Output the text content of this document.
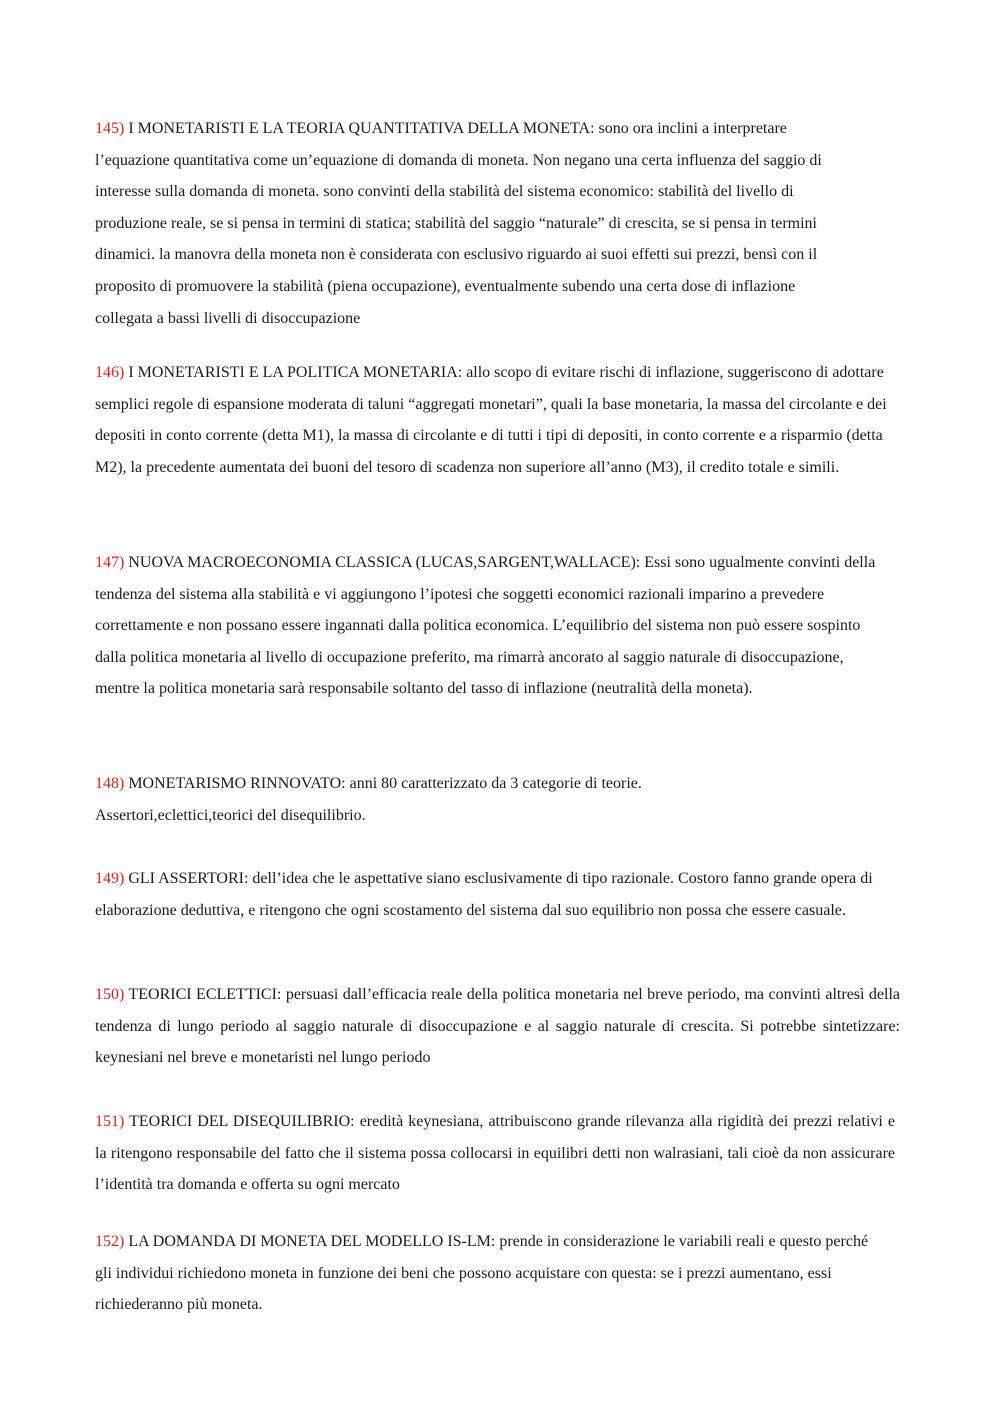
145) I MONETARISTI E LA TEORIA QUANTITATIVA DELLA MONETA: sono ora inclini a interpretare l’equazione quantitativa come un’equazione di domanda di moneta. Non negano una certa influenza del saggio di interesse sulla domanda di moneta. sono convinti della stabilità del sistema economico: stabilità del livello di produzione reale, se si pensa in termini di statica; stabilità del saggio “naturale” di crescita, se si pensa in termini dinamici. la manovra della moneta non è considerata con esclusivo riguardo ai suoi effetti sui prezzi, bensì con il proposito di promuovere la stabilità (piena occupazione), eventualmente subendo una certa dose di inflazione collegata a bassi livelli di disoccupazione

146) I MONETARISTI E LA POLITICA MONETARIA: allo scopo di evitare rischi di inflazione, suggeriscono di adottare semplici regole di espansione moderata di taluni “aggregati monetari”, quali la base monetaria, la massa del circolante e dei depositi in conto corrente (detta M1), la massa di circolante e di tutti i tipi di depositi, in conto corrente e a risparmio (detta M2), la precedente aumentata dei buoni del tesoro di scadenza non superiore all’anno (M3), il credito totale e simili.

147) NUOVA MACROECONOMIA CLASSICA (LUCAS,SARGENT,WALLACE): Essi sono ugualmente convinti della tendenza del sistema alla stabilità e vi aggiungono l’ipotesi che soggetti economici razionali imparino a prevedere correttamente e non possano essere ingannati dalla politica economica. L’equilibrio del sistema non può essere sospinto dalla politica monetaria al livello di occupazione preferito, ma rimarrà ancorato al saggio naturale di disoccupazione, mentre la politica monetaria sarà responsabile soltanto del tasso di inflazione (neutralità della moneta).

148) MONETARISMO RINNOVATO: anni 80 caratterizzato da 3 categorie di teorie.
Assertori,eclettici,teorici del disequilibrio.

149) GLI ASSERTORI: dell’idea che le aspettative siano esclusivamente di tipo razionale. Costoro fanno grande opera di elaborazione deduttiva, e ritengono che ogni scostamento del sistema dal suo equilibrio non possa che essere casuale.

150) TEORICI ECLETTICI: persuasi dall’efficacia reale della politica monetaria nel breve periodo, ma convinti altresì della tendenza di lungo periodo al saggio naturale di disoccupazione e al saggio naturale di crescita. Si potrebbe sintetizzare: keynesiani nel breve e monetaristi nel lungo periodo

151) TEORICI DEL DISEQUILIBRIO: eredità keynesiana, attribuiscono grande rilevanza alla rigidità dei prezzi relativi e la ritengono responsabile del fatto che il sistema possa collocarsi in equilibri detti non walrasiani, tali cioè da non assicurare l’identità tra domanda e offerta su ogni mercato

152) LA DOMANDA DI MONETA DEL MODELLO IS-LM: prende in considerazione le variabili reali e questo perché gli individui richiedono moneta in funzione dei beni che possono acquistare con questa: se i prezzi aumentano, essi richiederanno più moneta.
